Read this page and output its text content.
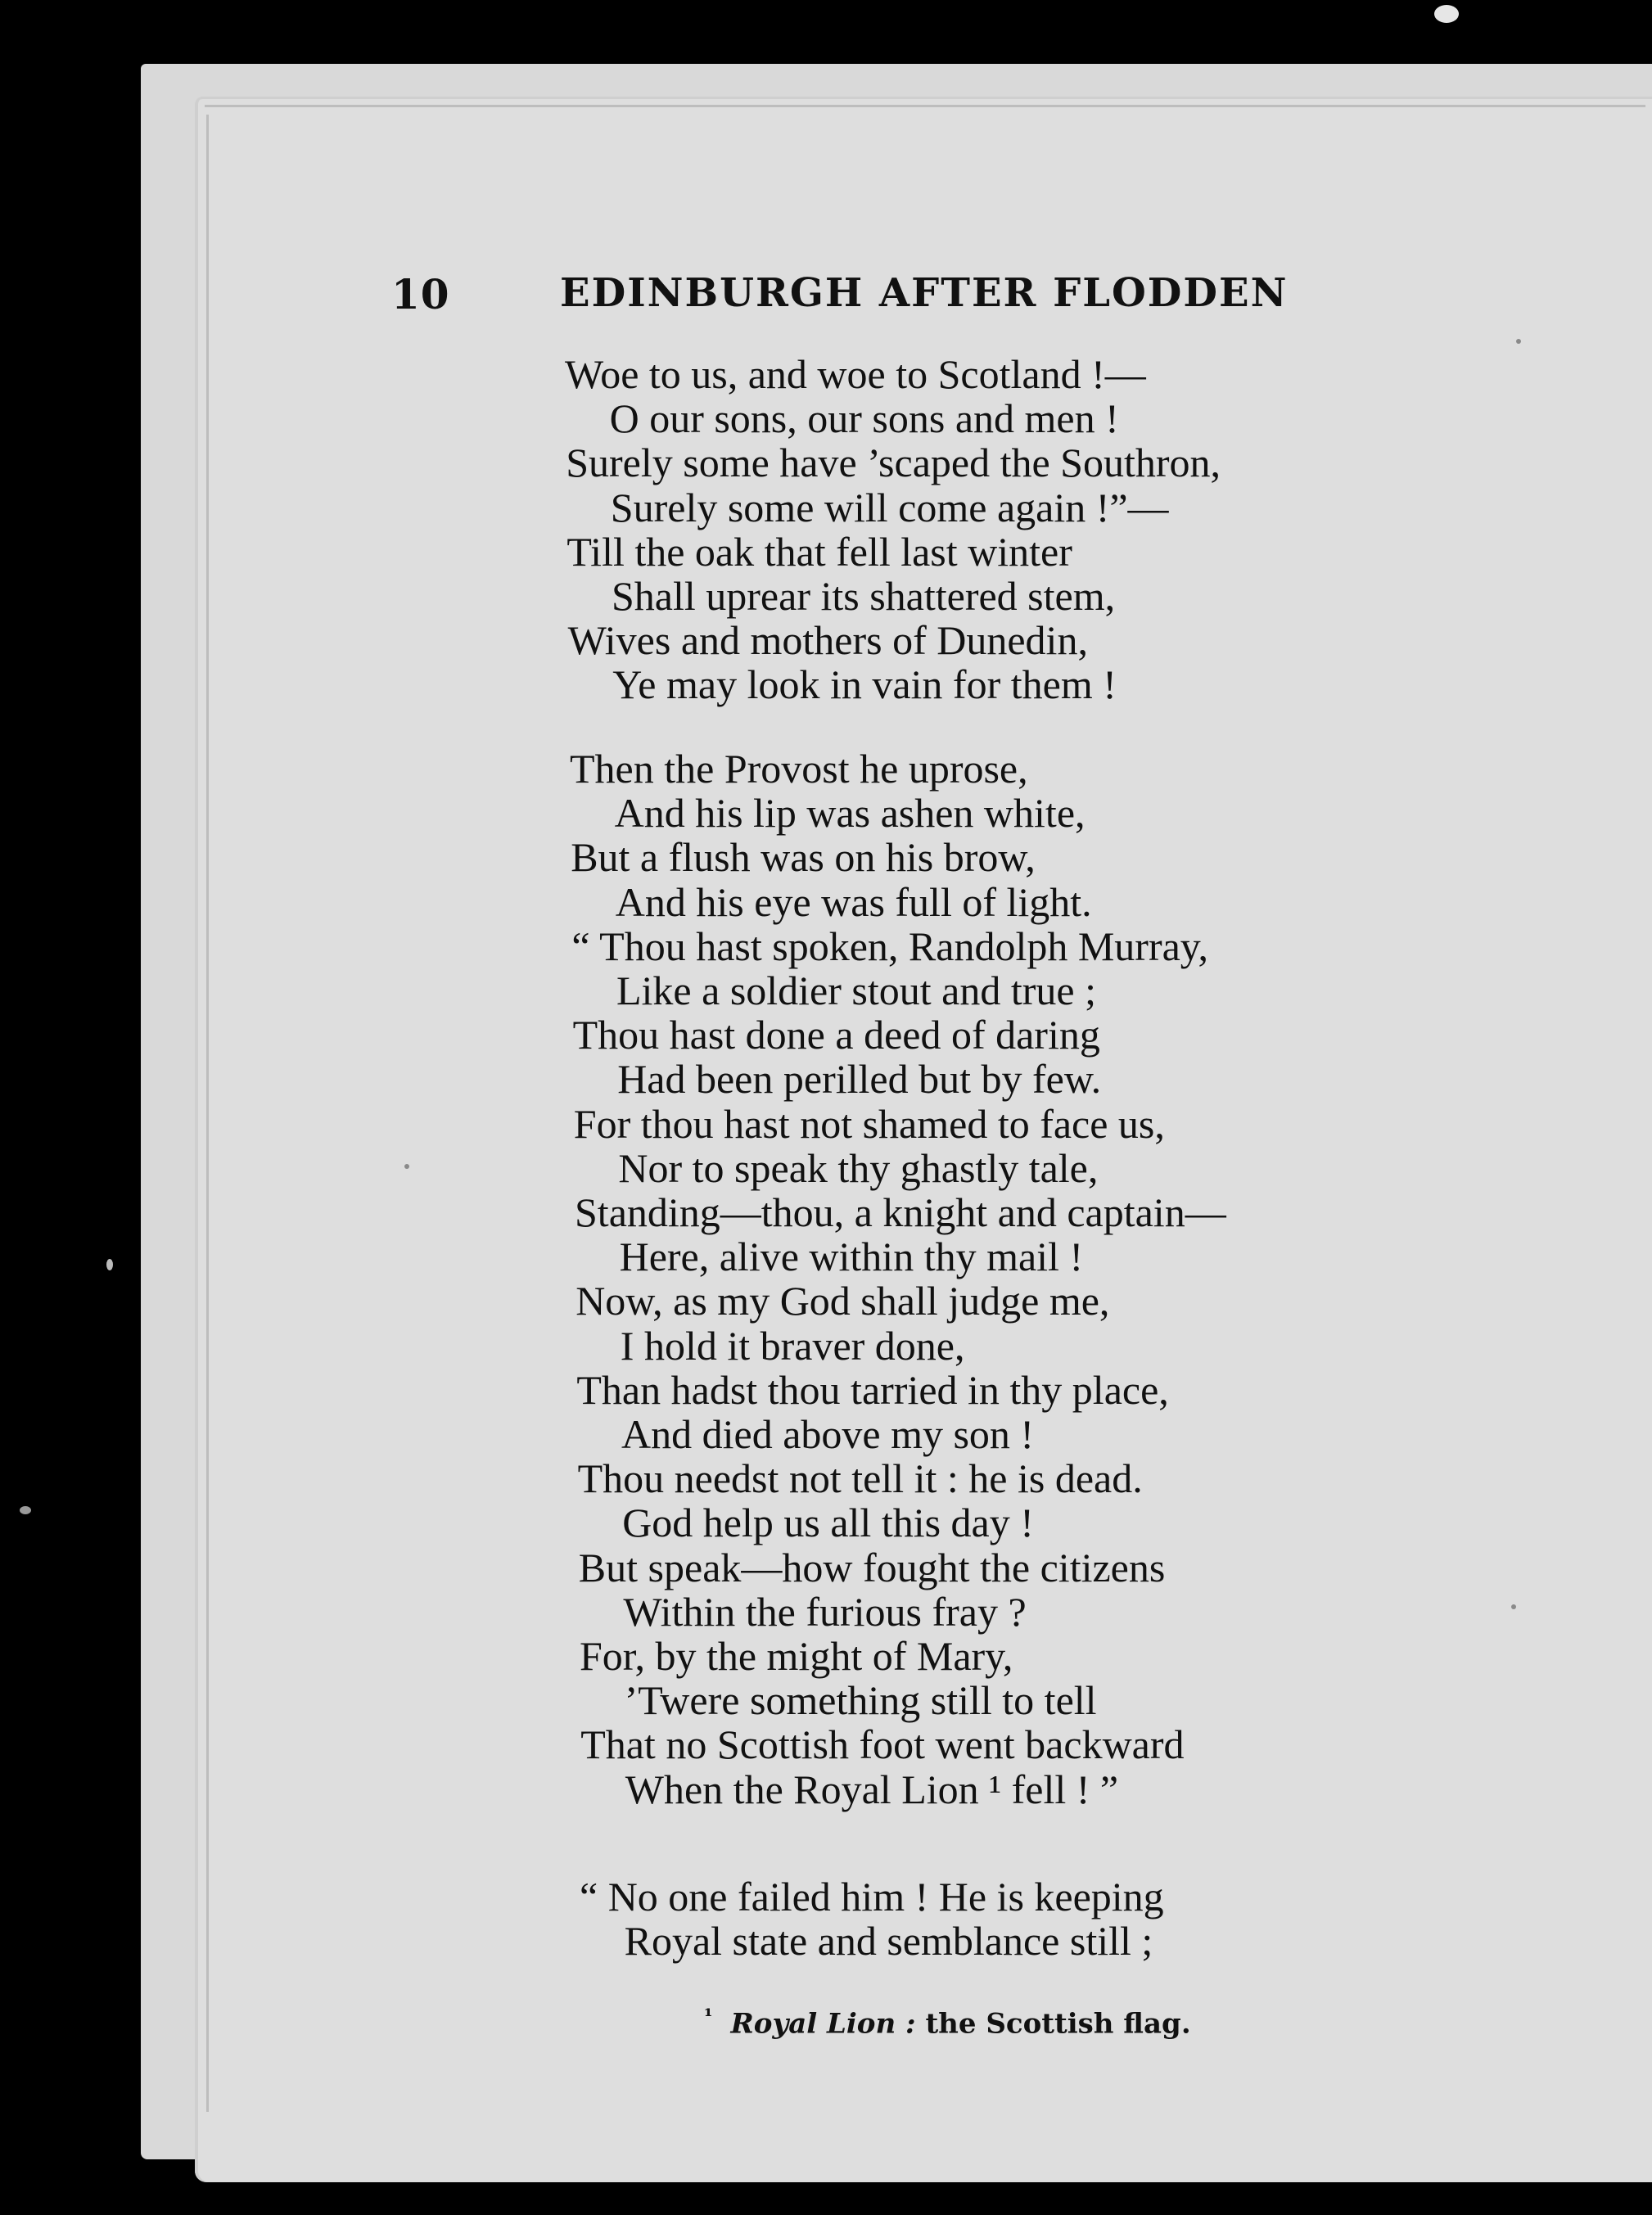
10	EDINBURGH AFTER FLODDEN
Woe to us, and woe to Scotland !—
O our sons, our sons and men !
Surely some have ’scaped the Southron,
Surely some will come again !”—
Till the oak that fell last winter
Shall uprear its shattered stem,
Wives and mothers of Dunedin,
Ye may look in vain for them !
Then the Provost he uprose,
And his lip was ashen white,
But a flush was on his brow,
And his eye was full of light.
“ Thou hast spoken, Randolph Murray,
Like a soldier stout and true ;
Thou hast done a deed of daring
Had been perilled but by few.
For thou hast not shamed to face us,
Nor to speak thy ghastly tale,
Standing—thou, a knight and captain—
Here, alive within thy mail !
Now, as my God shall judge me,
I hold it braver done,
Than hadst thou tarried in thy place,
And died above my son !
Thou needst not tell it : he is dead.
God help us all this day !
But speak—how fought the citizens
Within the furious fray ?
For, by the might of Mary,
’Twere something still to tell
That no Scottish foot went backward
When the Royal Lion ¹ fell ! ”
“ No one failed him ! He is keeping
Royal state and semblance still ;
$^{^1}$ Royal Lion : the Scottish flag.
